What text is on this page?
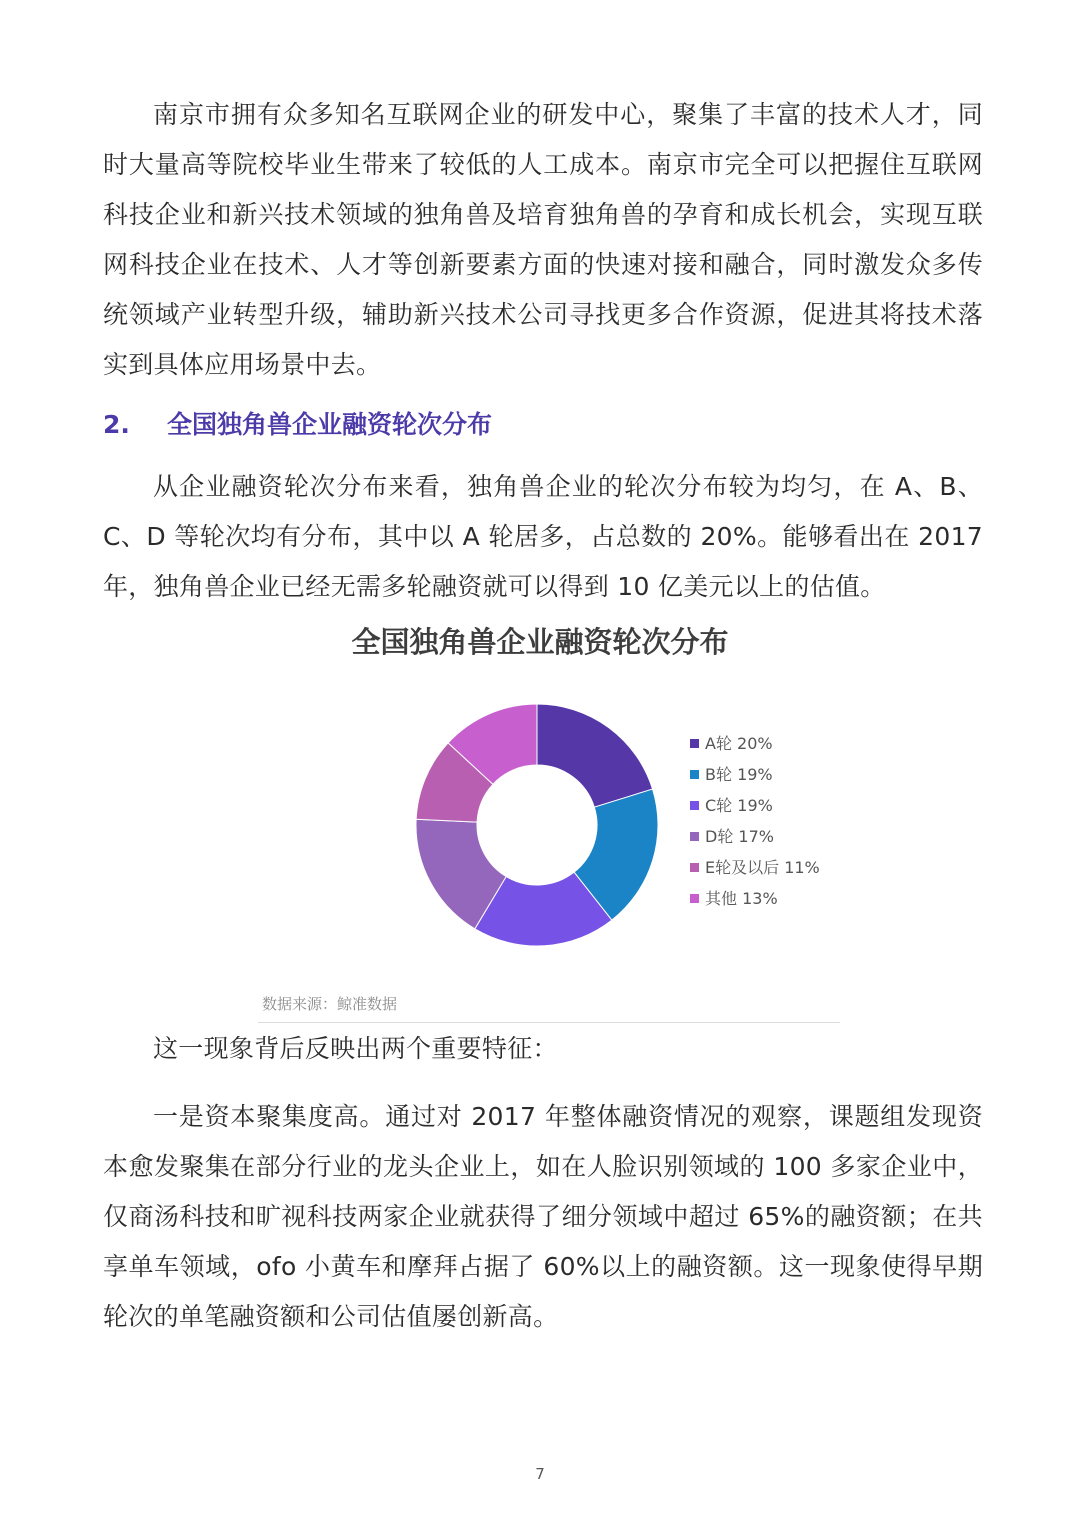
南京市拥有众多知名互联网企业的研发中心，聚集了丰富的技术人才，同时大量高等院校毕业生带来了较低的人工成本。南京市完全可以把握住互联网科技企业和新兴技术领域的独角兽及培育独角兽的孕育和成长机会，实现互联网科技企业在技术、人才等创新要素方面的快速对接和融合，同时激发众多传统领域产业转型升级，辅助新兴技术公司寻找更多合作资源，促进其将技术落实到具体应用场景中去。

2.	全国独角兽企业融资轮次分布

从企业融资轮次分布来看，独角兽企业的轮次分布较为均匀，在 A、B、C、D 等轮次均有分布，其中以 A 轮居多，占总数的 20%。能够看出在 2017 年，独角兽企业已经无需多轮融资就可以得到 10 亿美元以上的估值。

全国独角兽企业融资轮次分布
A轮 20%
B轮 19%
C轮 19%
D轮 17%
E轮及以后 11%
其他 13%

数据来源：鲸准数据

这一现象背后反映出两个重要特征：

一是资本聚集度高。通过对 2017 年整体融资情况的观察，课题组发现资本愈发聚集在部分行业的龙头企业上，如在人脸识别领域的 100 多家企业中，仅商汤科技和旷视科技两家企业就获得了细分领域中超过 65%的融资额；在共享单车领域，ofo 小黄车和摩拜占据了 60%以上的融资额。这一现象使得早期轮次的单笔融资额和公司估值屡创新高。

7
